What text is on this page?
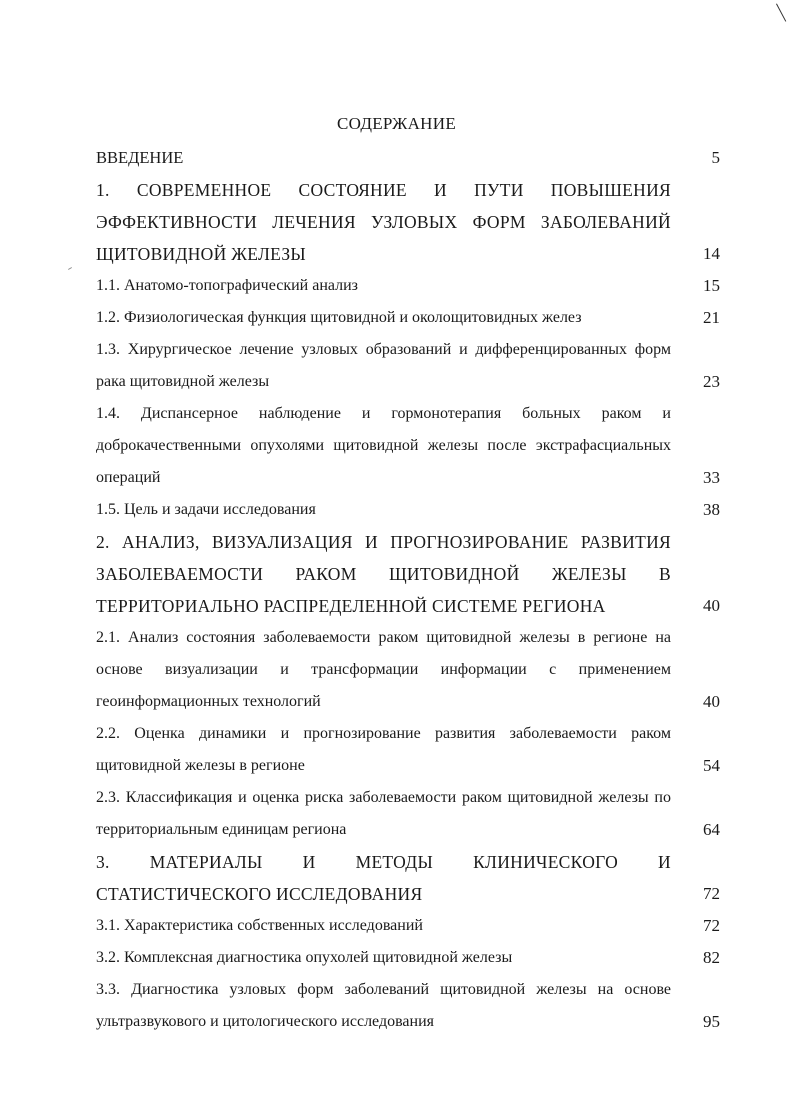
СОДЕРЖАНИЕ
ВВЕДЕНИЕ	5
1. СОВРЕМЕННОЕ СОСТОЯНИЕ И ПУТИ ПОВЫШЕНИЯ ЭФФЕКТИВНОСТИ ЛЕЧЕНИЯ УЗЛОВЫХ ФОРМ ЗАБОЛЕВАНИЙ ЩИТОВИДНОЙ ЖЕЛЕЗЫ	14
1.1. Анатомо-топографический анализ	15
1.2. Физиологическая функция щитовидной и околощитовидных желез	21
1.3. Хирургическое лечение узловых образований и дифференцированных форм рака щитовидной железы	23
1.4. Диспансерное наблюдение и гормонотерапия больных раком и доброкачественными опухолями щитовидной железы после экстрафасциальных операций	33
1.5. Цель и задачи исследования	38
2. АНАЛИЗ, ВИЗУАЛИЗАЦИЯ И ПРОГНОЗИРОВАНИЕ РАЗВИТИЯ ЗАБОЛЕВАЕМОСТИ РАКОМ ЩИТОВИДНОЙ ЖЕЛЕЗЫ В ТЕРРИТОРИАЛЬНО РАСПРЕДЕЛЕННОЙ СИСТЕМЕ РЕГИОНА	40
2.1. Анализ состояния заболеваемости раком щитовидной железы в регионе на основе визуализации и трансформации информации с применением геоинформационных технологий	40
2.2. Оценка динамики и прогнозирование развития заболеваемости раком щитовидной железы в регионе	54
2.3. Классификация и оценка риска заболеваемости раком щитовидной железы по территориальным единицам региона	64
3. МАТЕРИАЛЫ И МЕТОДЫ КЛИНИЧЕСКОГО И СТАТИСТИЧЕСКОГО ИССЛЕДОВАНИЯ	72
3.1. Характеристика собственных исследований	72
3.2. Комплексная диагностика опухолей щитовидной железы	82
3.3. Диагностика узловых форм заболеваний щитовидной железы на основе ультразвукового и цитологического исследования	95
